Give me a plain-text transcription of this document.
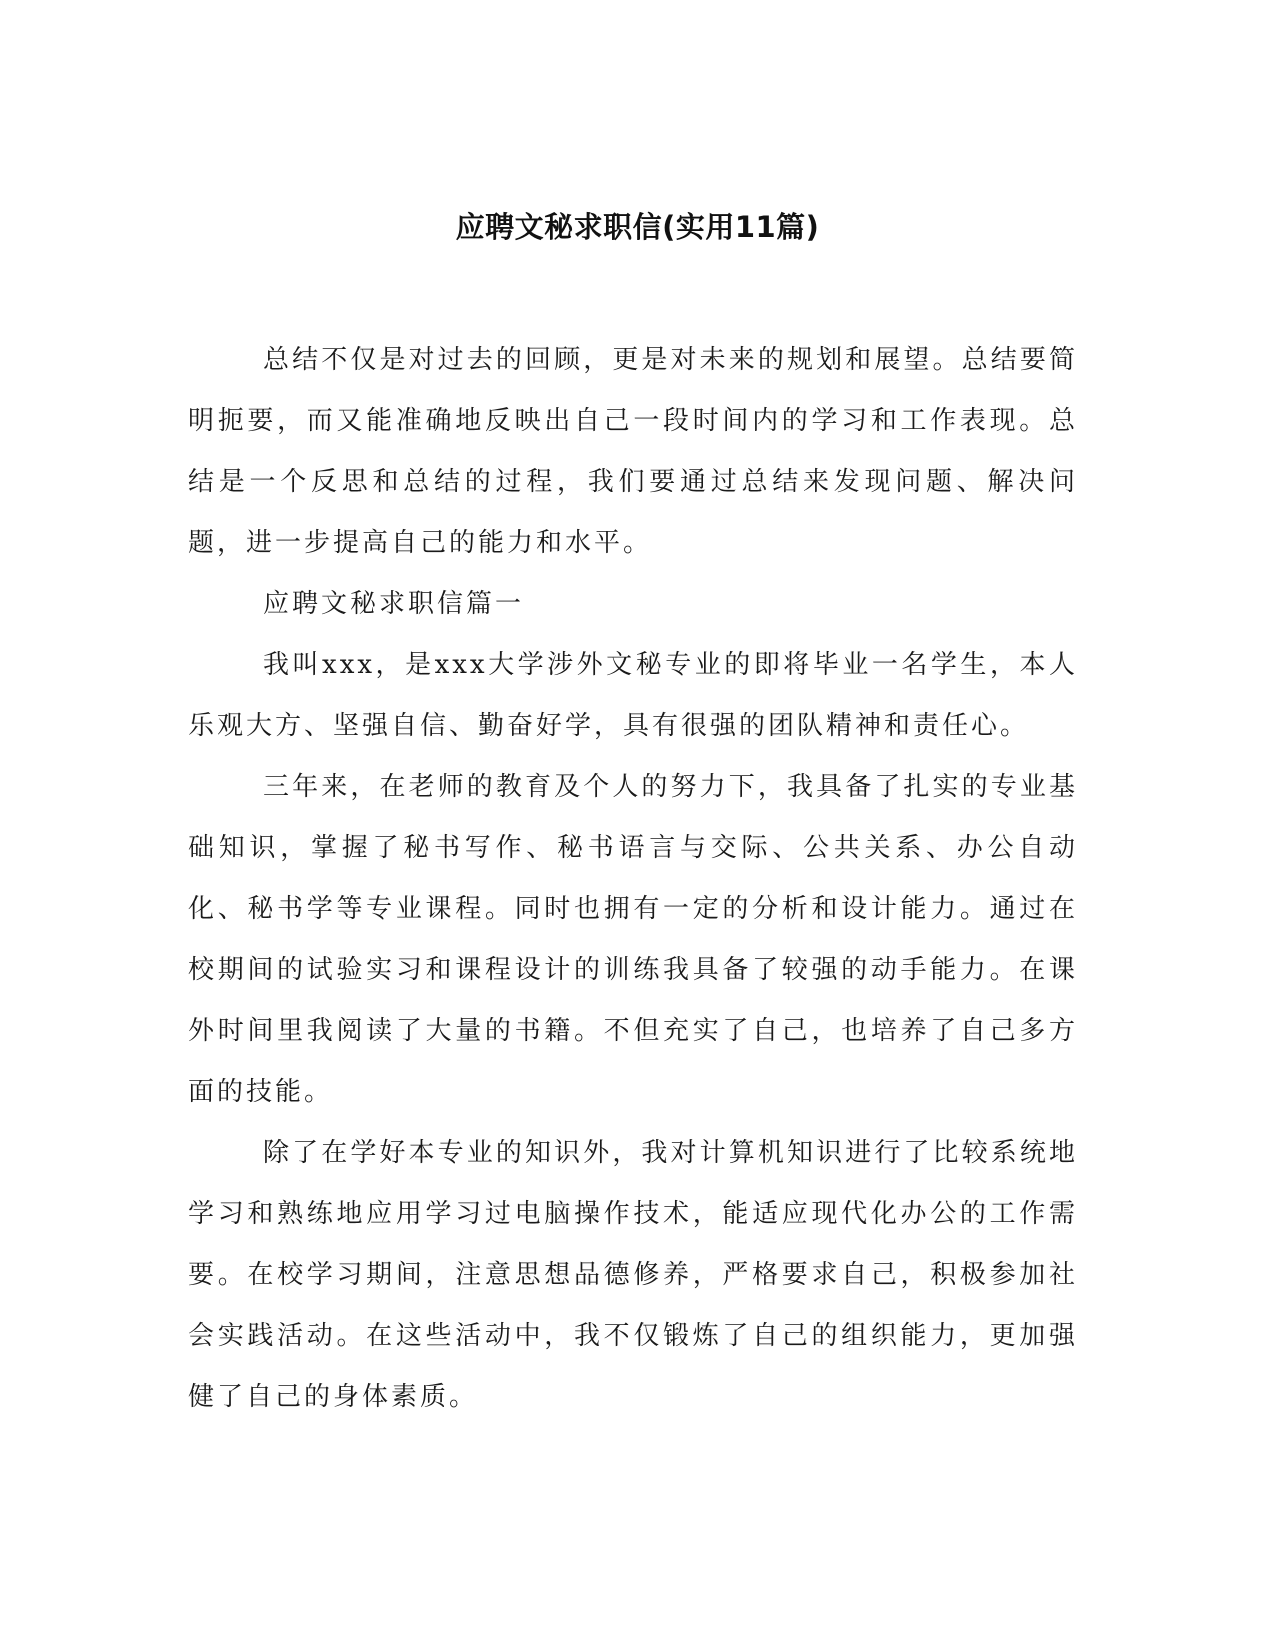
应聘文秘求职信(实用11篇)

总结不仅是对过去的回顾，更是对未来的规划和展望。总结要简明扼要，而又能准确地反映出自己一段时间内的学习和工作表现。总结是一个反思和总结的过程，我们要通过总结来发现问题、解决问题，进一步提高自己的能力和水平。

应聘文秘求职信篇一

我叫xxx，是xxx大学涉外文秘专业的即将毕业一名学生，本人乐观大方、坚强自信、勤奋好学，具有很强的团队精神和责任心。

三年来，在老师的教育及个人的努力下，我具备了扎实的专业基础知识，掌握了秘书写作、秘书语言与交际、公共关系、办公自动化、秘书学等专业课程。同时也拥有一定的分析和设计能力。通过在校期间的试验实习和课程设计的训练我具备了较强的动手能力。在课外时间里我阅读了大量的书籍。不但充实了自己，也培养了自己多方面的技能。

除了在学好本专业的知识外，我对计算机知识进行了比较系统地学习和熟练地应用学习过电脑操作技术，能适应现代化办公的工作需要。在校学习期间，注意思想品德修养，严格要求自己，积极参加社会实践活动。在这些活动中，我不仅锻炼了自己的组织能力，更加强健了自己的身体素质。
